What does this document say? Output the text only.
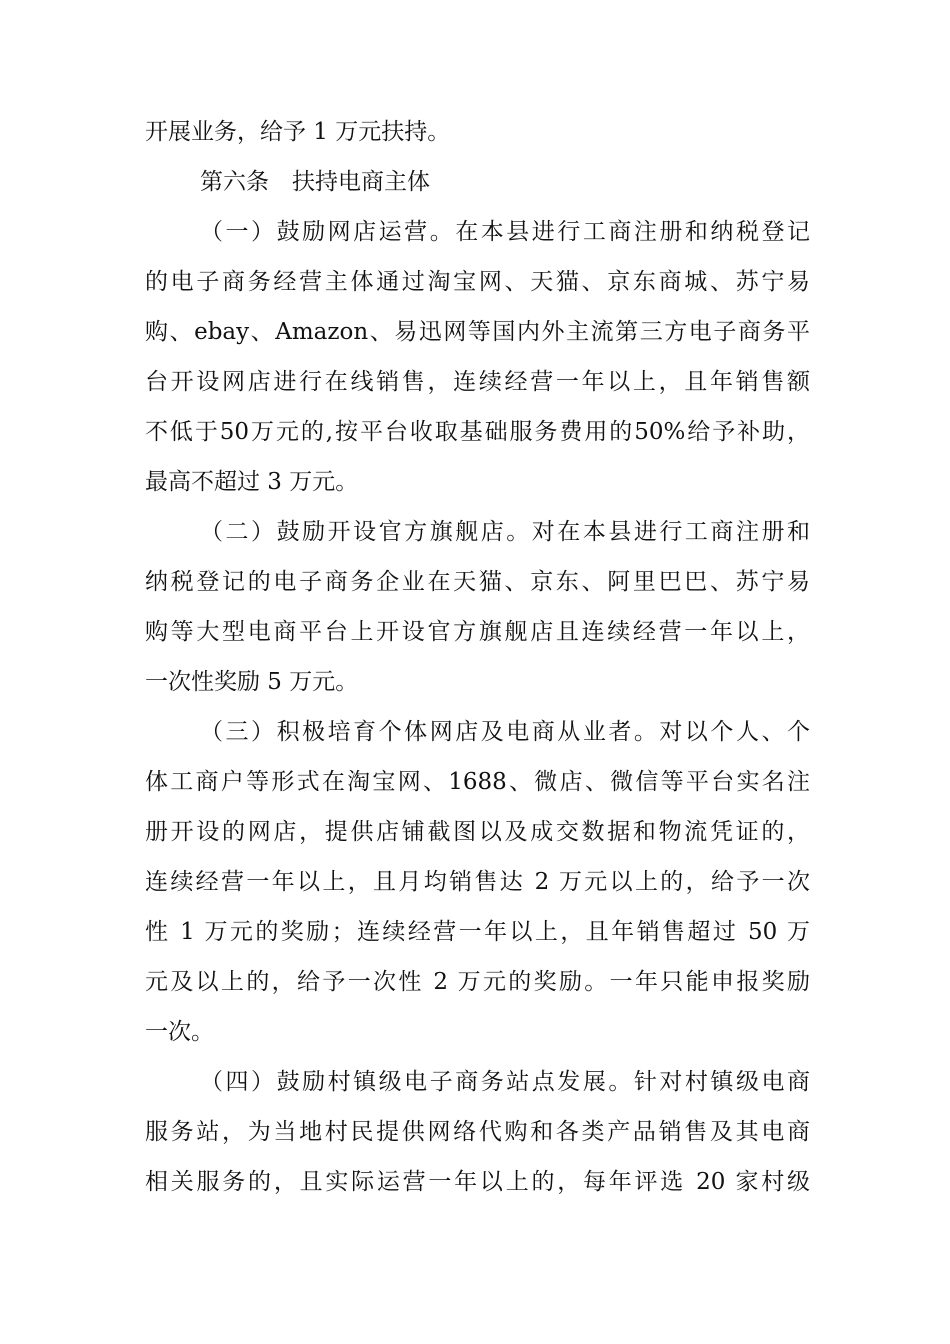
开展业务，给予 1 万元扶持。
第六条　扶持电商主体
（一）鼓励网店运营。在本县进行工商注册和纳税登记
的电子商务经营主体通过淘宝网、天猫、京东商城、苏宁易
购、ebay、Amazon、易迅网等国内外主流第三方电子商务平
台开设网店进行在线销售，连续经营一年以上，且年销售额
不低于50万元的,按平台收取基础服务费用的50%给予补助，
最高不超过 3 万元。
（二）鼓励开设官方旗舰店。对在本县进行工商注册和
纳税登记的电子商务企业在天猫、京东、阿里巴巴、苏宁易
购等大型电商平台上开设官方旗舰店且连续经营一年以上，
一次性奖励 5 万元。
（三）积极培育个体网店及电商从业者。对以个人、个
体工商户等形式在淘宝网、1688、微店、微信等平台实名注
册开设的网店，提供店铺截图以及成交数据和物流凭证的，
连续经营一年以上，且月均销售达 2 万元以上的，给予一次
性 1 万元的奖励；连续经营一年以上，且年销售超过 50 万
元及以上的，给予一次性 2 万元的奖励。一年只能申报奖励
一次。
（四）鼓励村镇级电子商务站点发展。针对村镇级电商
服务站，为当地村民提供网络代购和各类产品销售及其电商
相关服务的，且实际运营一年以上的，每年评选 20 家村级
